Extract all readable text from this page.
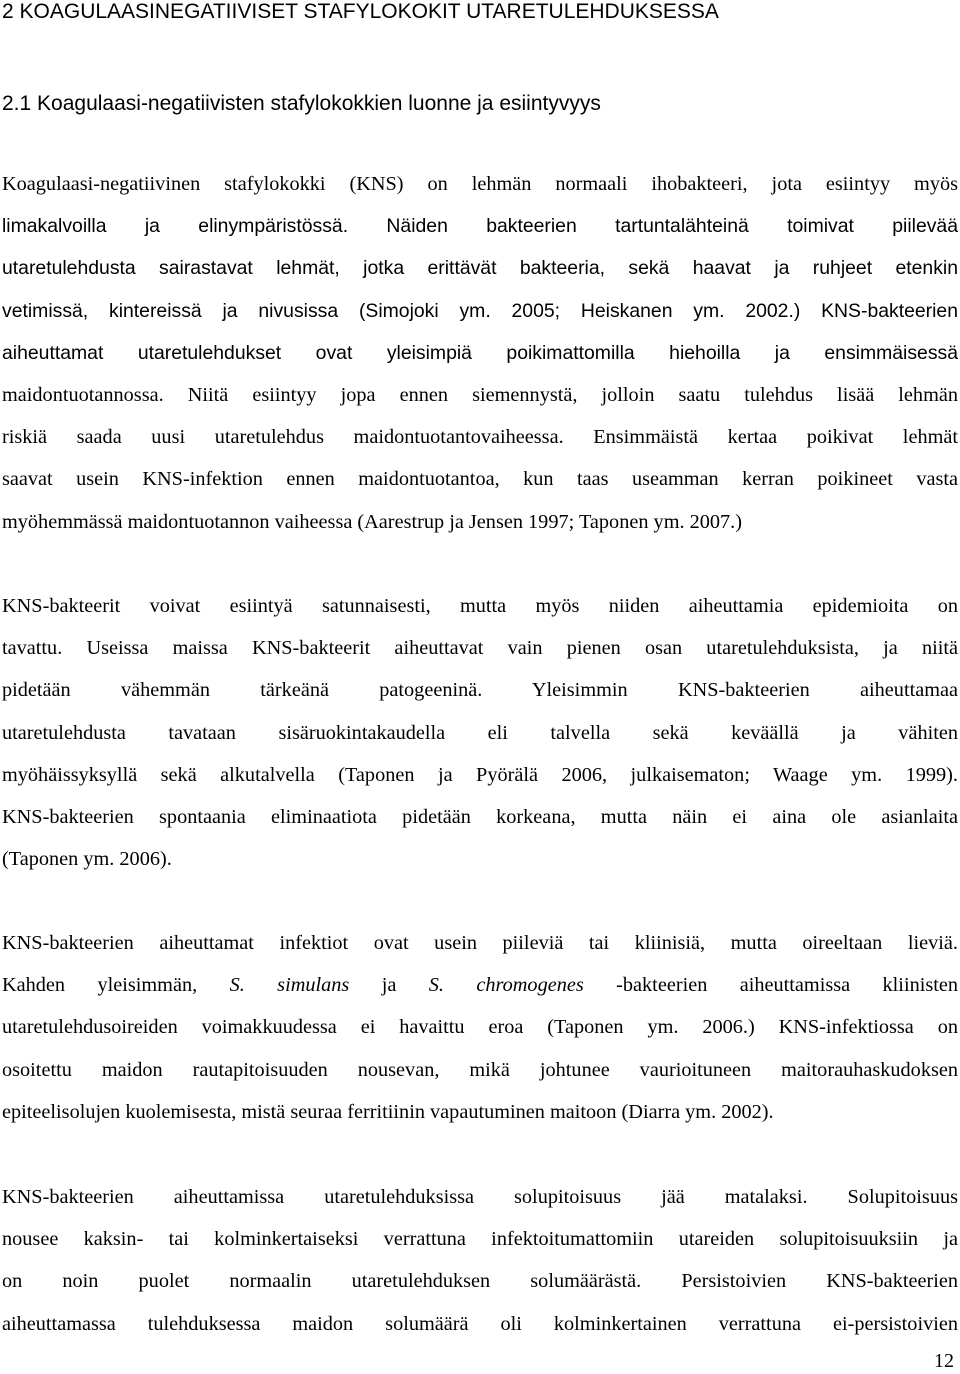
2 KOAGULAASINEGATIIVISET STAFYLOKOKIT UTARETULEHDUKSESSA
2.1 Koagulaasi-negatiivisten stafylokokkien luonne ja esiintyvyys
Koagulaasi-negatiivinen stafylokokki (KNS) on lehmän normaali ihobakteeri, jota esiintyy myös
limakalvoilla ja elinympäristössä. Näiden bakteerien tartuntalähteinä toimivat piilevää
utaretulehdusta sairastavat lehmät, jotka erittävät bakteeria, sekä haavat ja ruhjeet etenkin
vetimissä, kintereissä ja nivusissa (Simojoki ym. 2005; Heiskanen ym. 2002.) KNS-bakteerien
aiheuttamat utaretulehdukset ovat yleisimpiä poikimattomilla hiehoilla ja ensimmäisessä
maidontuotannossa. Niitä esiintyy jopa ennen siemennystä, jolloin saatu tulehdus lisää lehmän
riskiä saada uusi utaretulehdus maidontuotantovaiheessa. Ensimmäistä kertaa poikivat lehmät
saavat usein KNS-infektion ennen maidontuotantoa, kun taas useamman kerran poikineet vasta
myöhemmässä maidontuotannon vaiheessa (Aarestrup ja Jensen 1997; Taponen ym. 2007.)
KNS-bakteerit voivat esiintyä satunnaisesti, mutta myös niiden aiheuttamia epidemioita on
tavattu. Useissa maissa KNS-bakteerit aiheuttavat vain pienen osan utaretulehduksista, ja niitä
pidetään vähemmän tärkeänä patogeeninä. Yleisimmin KNS-bakteerien aiheuttamaa
utaretulehdusta tavataan sisäruokintakaudella eli talvella sekä keväällä ja vähiten
myöhäissyksyllä sekä alkutalvella (Taponen ja Pyörälä 2006, julkaisematon; Waage ym. 1999).
KNS-bakteerien spontaania eliminaatiota pidetään korkeana, mutta näin ei aina ole asianlaita
(Taponen ym. 2006).
KNS-bakteerien aiheuttamat infektiot ovat usein piileviä tai kliinisiä, mutta oireeltaan lieviä.
Kahden yleisimmän, S. simulans ja S. chromogenes -bakteerien aiheuttamissa kliinisten
utaretulehdusoireiden voimakkuudessa ei havaittu eroa (Taponen ym. 2006.) KNS-infektiossa on
osoitettu maidon rautapitoisuuden nousevan, mikä johtunee vaurioituneen maitorauhaskudoksen
epiteelisolujen kuolemisesta, mistä seuraa ferritiinin vapautuminen maitoon (Diarra ym. 2002).
KNS-bakteerien aiheuttamissa utaretulehduksissa solupitoisuus jää matalaksi. Solupitoisuus
nousee kaksin- tai kolminkertaiseksi verrattuna infektoitumattomiin utareiden solupitoisuuksiin ja
on noin puolet normaalin utaretulehduksen solumäärästä. Persistoivien KNS-bakteerien
aiheuttamassa tulehduksessa maidon solumäärä oli kolminkertainen verrattuna ei-persistoivien
12
